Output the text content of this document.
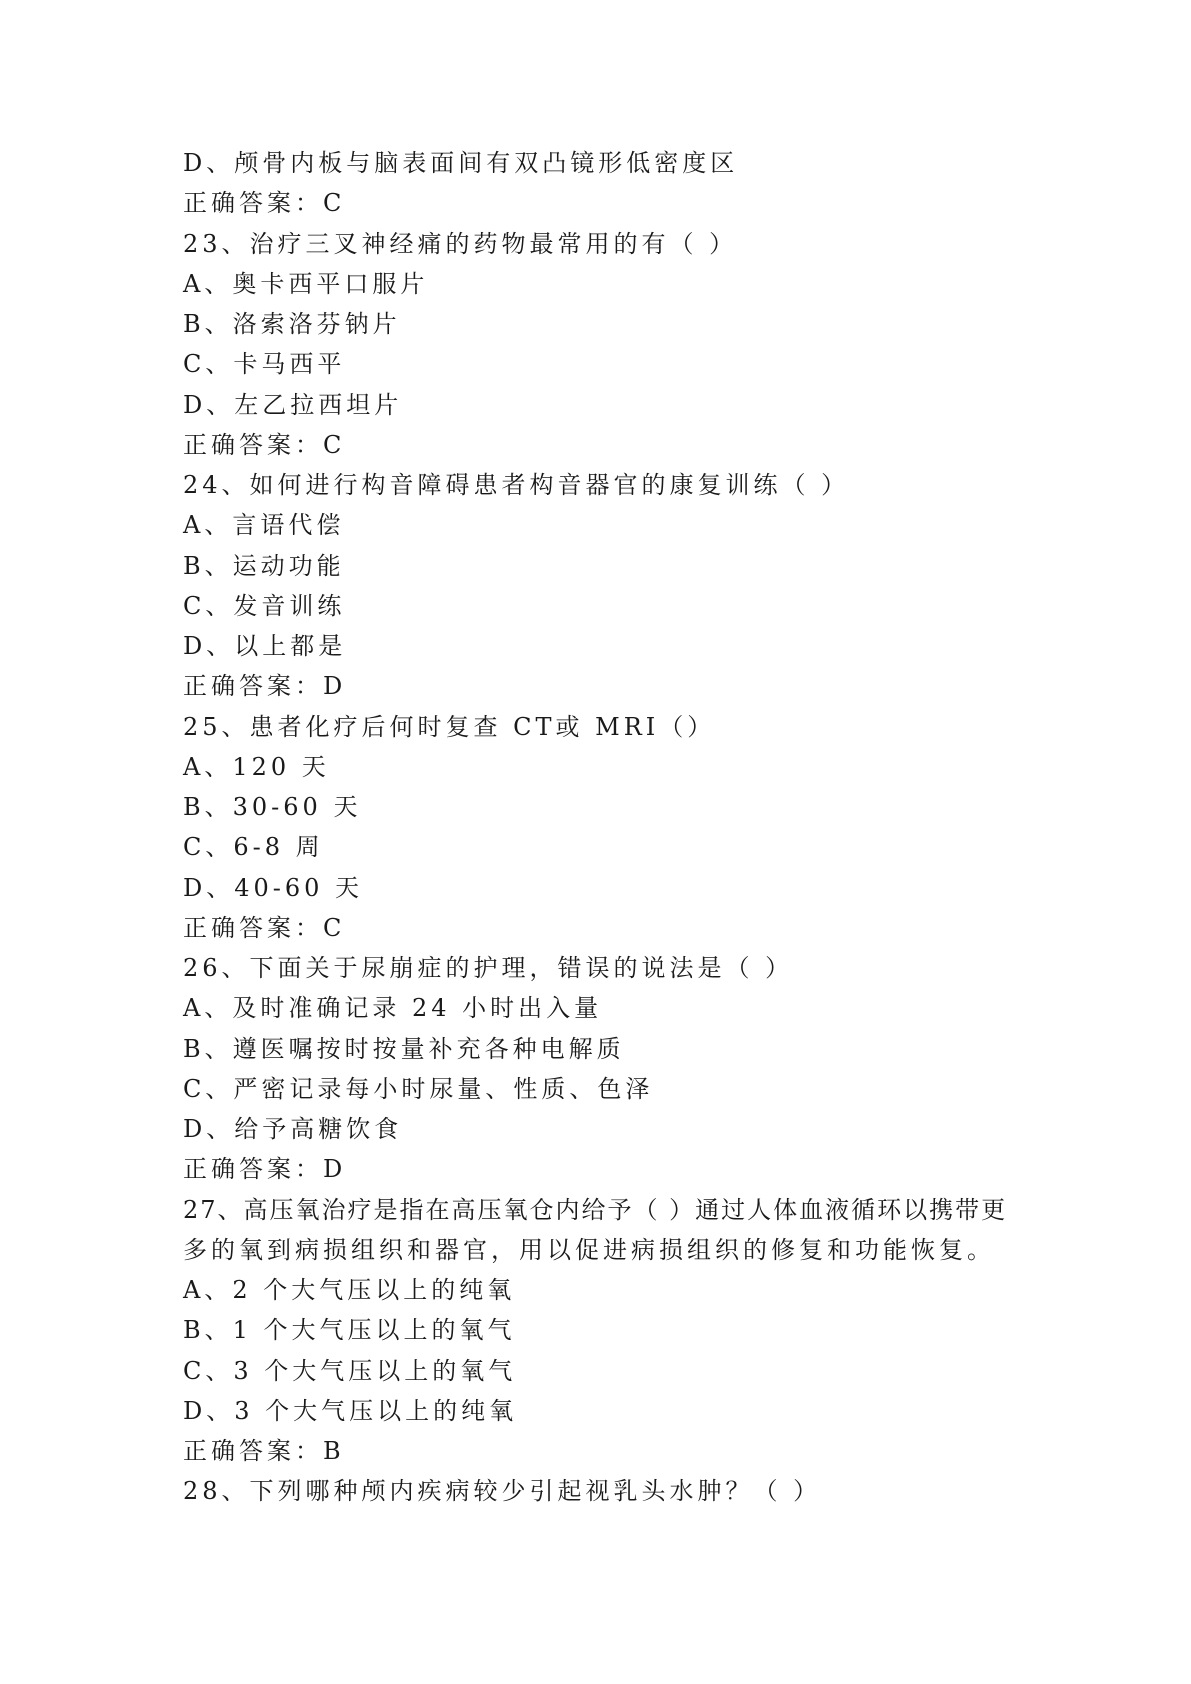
D、颅骨内板与脑表面间有双凸镜形低密度区
正确答案：C
23、治疗三叉神经痛的药物最常用的有（ ）
A、奥卡西平口服片
B、洛索洛芬钠片
C、卡马西平
D、左乙拉西坦片
正确答案：C
24、如何进行构音障碍患者构音器官的康复训练（ ）
A、言语代偿
B、运动功能
C、发音训练
D、以上都是
正确答案：D
25、患者化疗后何时复查 CT或 MRI（）
A、120 天
B、30-60 天
C、6-8 周
D、40-60 天
正确答案：C
26、下面关于尿崩症的护理，错误的说法是（ ）
A、及时准确记录 24 小时出入量
B、遵医嘱按时按量补充各种电解质
C、严密记录每小时尿量、性质、色泽
D、给予高糖饮食
正确答案：D
27、高压氧治疗是指在高压氧仓内给予（ ）通过人体血液循环以携带更
多的氧到病损组织和器官，用以促进病损组织的修复和功能恢复。
A、2 个大气压以上的纯氧
B、1 个大气压以上的氧气
C、3 个大气压以上的氧气
D、3 个大气压以上的纯氧
正确答案：B
28、下列哪种颅内疾病较少引起视乳头水肿？（ ）
